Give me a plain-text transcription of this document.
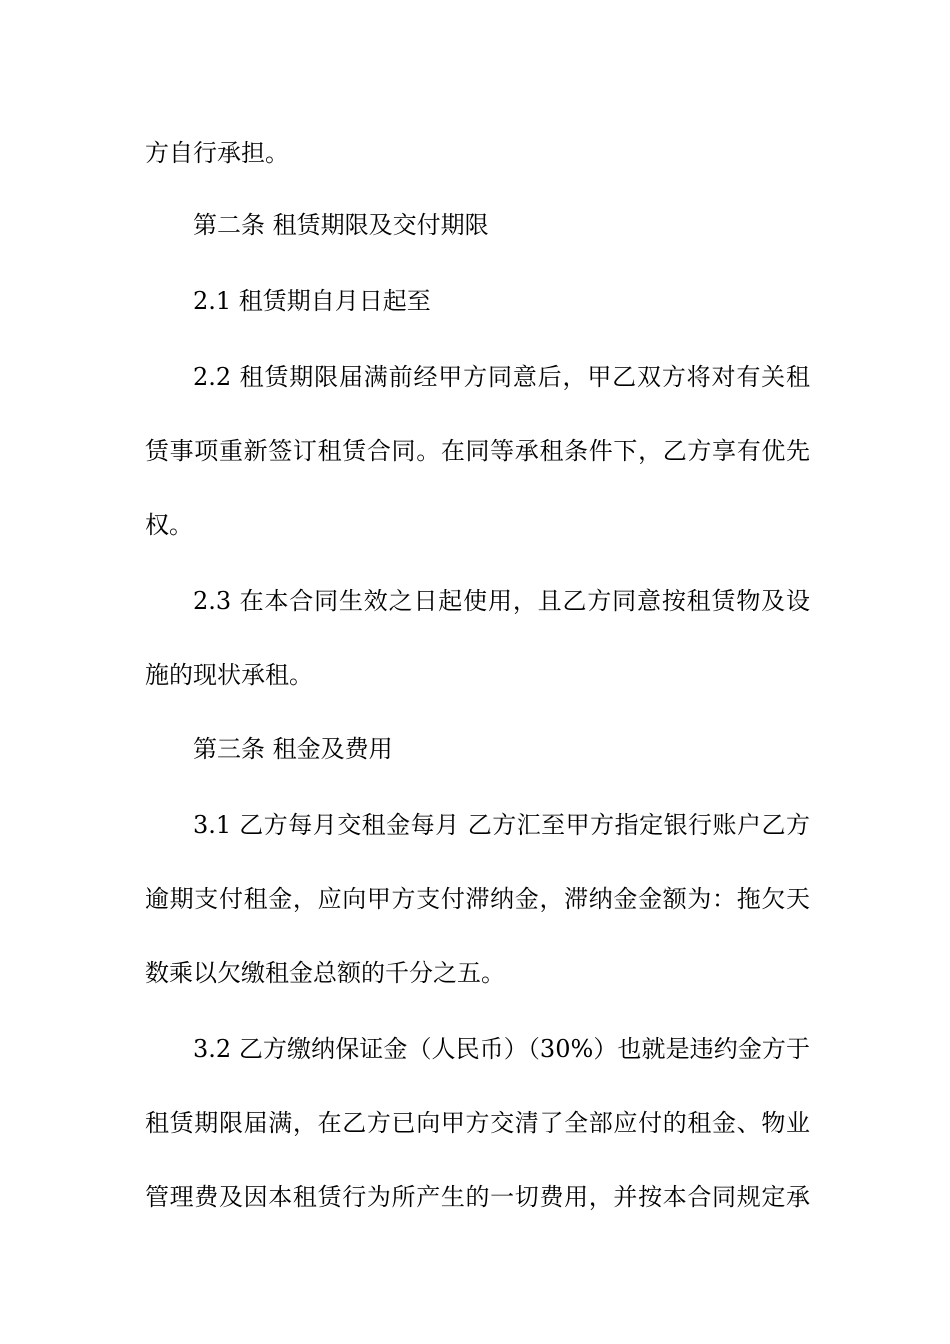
方自行承担。
第二条 租赁期限及交付期限
2.1 租赁期自月日起至
2.2 租赁期限届满前经甲方同意后，甲乙双方将对有关租
赁事项重新签订租赁合同。在同等承租条件下，乙方享有优先
权。
2.3 在本合同生效之日起使用，且乙方同意按租赁物及设
施的现状承租。
第三条 租金及费用
3.1 乙方每月交租金每月 乙方汇至甲方指定银行账户乙方
逾期支付租金，应向甲方支付滞纳金，滞纳金金额为：拖欠天
数乘以欠缴租金总额的千分之五。
3.2 乙方缴纳保证金（人民币）（30%）也就是违约金方于
租赁期限届满，在乙方已向甲方交清了全部应付的租金、物业
管理费及因本租赁行为所产生的一切费用，并按本合同规定承
